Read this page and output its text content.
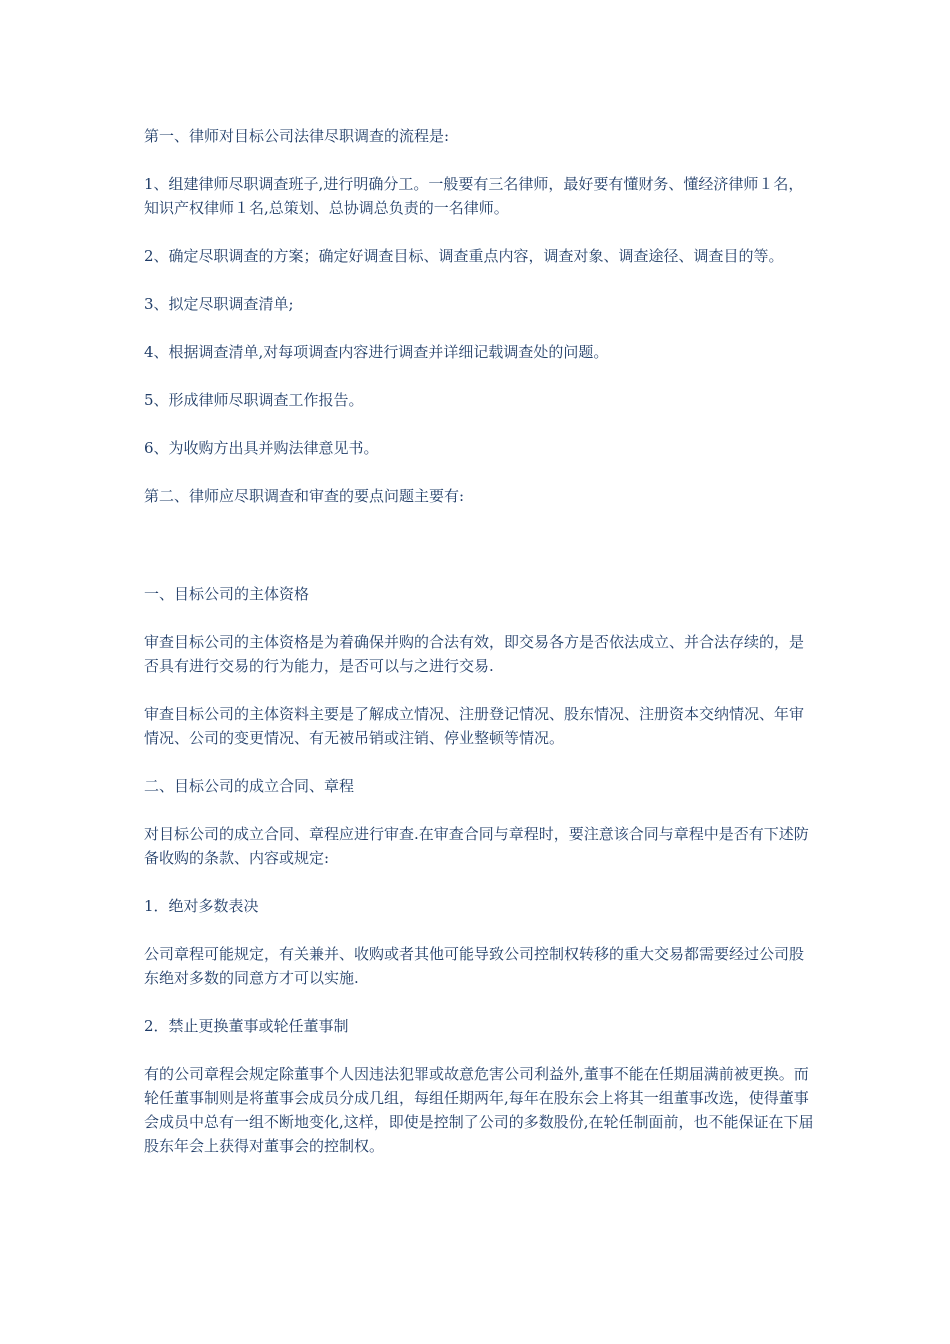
第一、律师对目标公司法律尽职调查的流程是:

1、组建律师尽职调查班子,进行明确分工。一般要有三名律师，最好要有懂财务、懂经济律师１名，知识产权律师１名,总策划、总协调总负责的一名律师。

2、确定尽职调查的方案；确定好调查目标、调查重点内容，调查对象、调查途径、调查目的等。

3、拟定尽职调查清单;

4、根据调查清单,对每项调查内容进行调查并详细记载调查处的问题。

5、形成律师尽职调查工作报告。

6、为收购方出具并购法律意见书。

第二、律师应尽职调查和审查的要点问题主要有:

一、目标公司的主体资格

审查目标公司的主体资格是为着确保并购的合法有效，即交易各方是否依法成立、并合法存续的，是否具有进行交易的行为能力，是否可以与之进行交易.

审查目标公司的主体资料主要是了解成立情况、注册登记情况、股东情况、注册资本交纳情况、年审情况、公司的变更情况、有无被吊销或注销、停业整顿等情况。

二、目标公司的成立合同、章程

对目标公司的成立合同、章程应进行审查.在审查合同与章程时，要注意该合同与章程中是否有下述防备收购的条款、内容或规定:

1．绝对多数表决

公司章程可能规定，有关兼并、收购或者其他可能导致公司控制权转移的重大交易都需要经过公司股东绝对多数的同意方才可以实施.

2．禁止更换董事或轮任董事制

有的公司章程会规定除董事个人因违法犯罪或故意危害公司利益外,董事不能在任期届满前被更换。而轮任董事制则是将董事会成员分成几组，每组任期两年,每年在股东会上将其一组董事改选，使得董事会成员中总有一组不断地变化,这样，即使是控制了公司的多数股份,在轮任制面前，也不能保证在下届股东年会上获得对董事会的控制权。
